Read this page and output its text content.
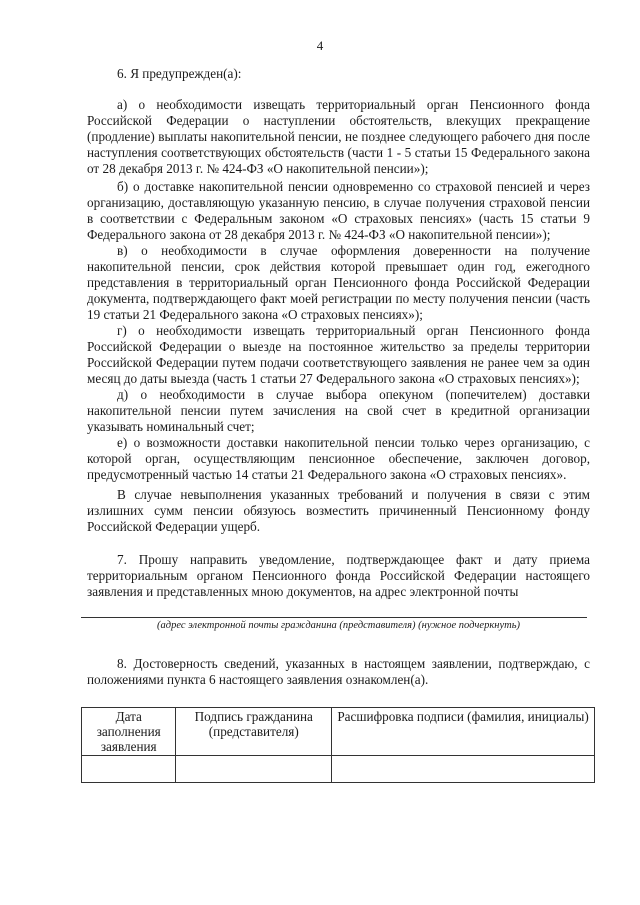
4

6. Я предупрежден(а):

а) о необходимости извещать территориальный орган Пенсионного фонда Российской Федерации о наступлении обстоятельств, влекущих прекращение (продление) выплаты накопительной пенсии, не позднее следующего рабочего дня после наступления соответствующих обстоятельств (части 1 - 5 статьи 15 Федерального закона от 28 декабря 2013 г. № 424-ФЗ «О накопительной пенсии»);

б) о доставке накопительной пенсии одновременно со страховой пенсией и через организацию, доставляющую указанную пенсию, в случае получения страховой пенсии в соответствии с Федеральным законом «О страховых пенсиях» (часть 15 статьи 9 Федерального закона от 28 декабря 2013 г. № 424-ФЗ «О накопительной пенсии»);

в) о необходимости в случае оформления доверенности на получение накопительной пенсии, срок действия которой превышает один год, ежегодного представления в территориальный орган Пенсионного фонда Российской Федерации документа, подтверждающего факт моей регистрации по месту получения пенсии (часть 19 статьи 21 Федерального закона «О страховых пенсиях»);

г) о необходимости извещать территориальный орган Пенсионного фонда Российской Федерации о выезде на постоянное жительство за пределы территории Российской Федерации путем подачи соответствующего заявления не ранее чем за один месяц до даты выезда (часть 1 статьи 27 Федерального закона «О страховых пенсиях»);

д) о необходимости в случае выбора опекуном (попечителем) доставки накопительной пенсии путем зачисления на свой счет в кредитной организации указывать номинальный счет;

е) о возможности доставки накопительной пенсии только через организацию, с которой орган, осуществляющим пенсионное обеспечение, заключен договор, предусмотренный частью 14 статьи 21 Федерального закона «О страховых пенсиях».

В случае невыполнения указанных требований и получения в связи с этим излишних сумм пенсии обязуюсь возместить причиненный Пенсионному фонду Российской Федерации ущерб.

7. Прошу направить уведомление, подтверждающее факт и дату приема территориальным органом Пенсионного фонда Российской Федерации настоящего заявления и представленных мною документов, на адрес электронной почты

(адрес электронной почты гражданина (представителя) (нужное подчеркнуть)

8. Достоверность сведений, указанных в настоящем заявлении, подтверждаю, с положениями пункта 6 настоящего заявления ознакомлен(а).

Дата заполнения заявления	Подпись гражданина (представителя)	Расшифровка подписи (фамилия, инициалы)
